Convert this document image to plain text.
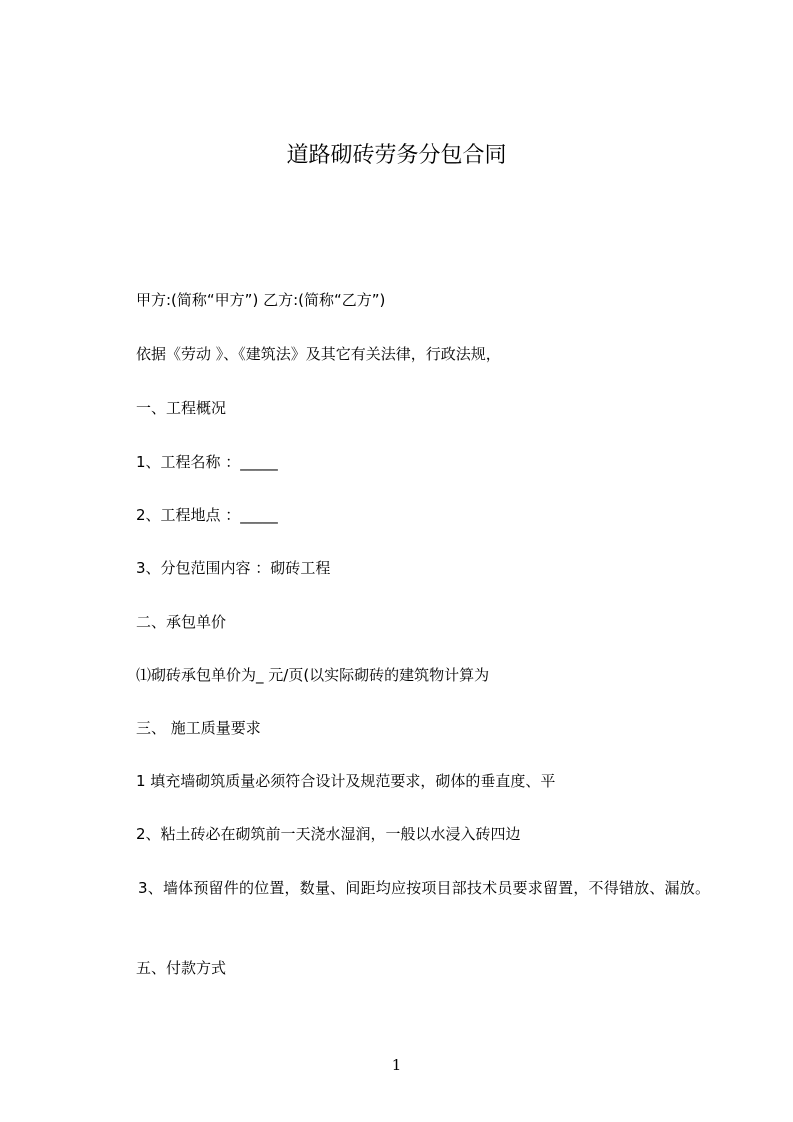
道路砌砖劳务分包合同
甲方:(简称“甲方”) 乙方:(简称“乙方”)
依据《劳动 》、《建筑法》及其它有关法律，行政法规，
一、工程概况
1、工程名称 ：_____
2、工程地点 ：_____
3、分包范围内容 ：砌砖工程
二、承包单价
⑴砌砖承包单价为_ 元/页(以实际砌砖的建筑物计算为
三、 施工质量要求
1 填充墙砌筑质量必须符合设计及规范要求，砌体的垂直度、平
2、粘土砖必在砌筑前一天浇水湿润，一般以水浸入砖四边
3、墙体预留件的位置，数量、间距均应按项目部技术员要求留置，不得错放、漏放。
五、付款方式
1
